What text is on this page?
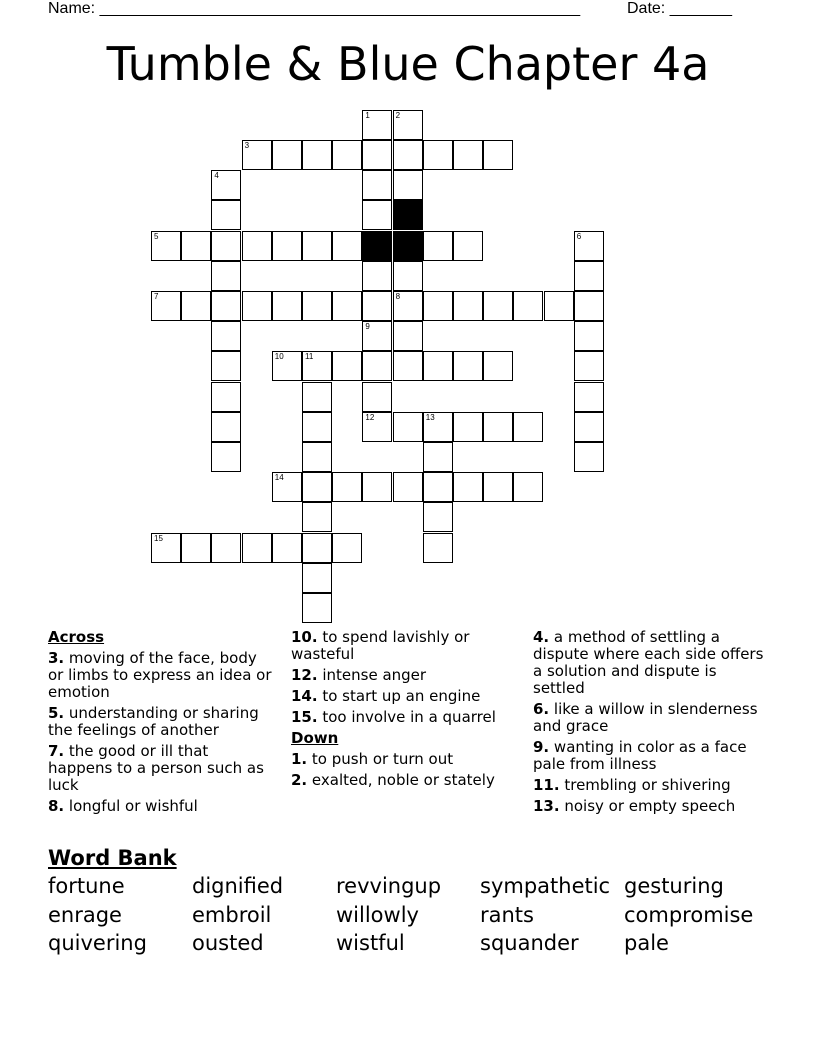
Name: ______________________________________________________	Date: _______
Tumble & Blue Chapter 4a
1
9
2
8
3
4
5	6
7
10	11
12	13
14
15
Across
3. moving of the face, body or limbs to express an idea or emotion
5. understanding or sharing the feelings of another
7. the good or ill that happens to a person such as luck
8. longful or wishful
10. to spend lavishly or wasteful
12. intense anger
14. to start up an engine
15. too involve in a quarrel
Down
1. to push or turn out
2. exalted, noble or stately
4. a method of settling a dispute where each side offers a solution and dispute is settled
6. like a willow in slenderness and grace
9. wanting in color as a face pale from illness
11. trembling or shivering
13. noisy or empty speech
Word Bank
fortune	dignified	revvingup sympathetic gesturing
enrage	embroil	willowly	rants	compromise
quivering ousted	wistful	squander pale
